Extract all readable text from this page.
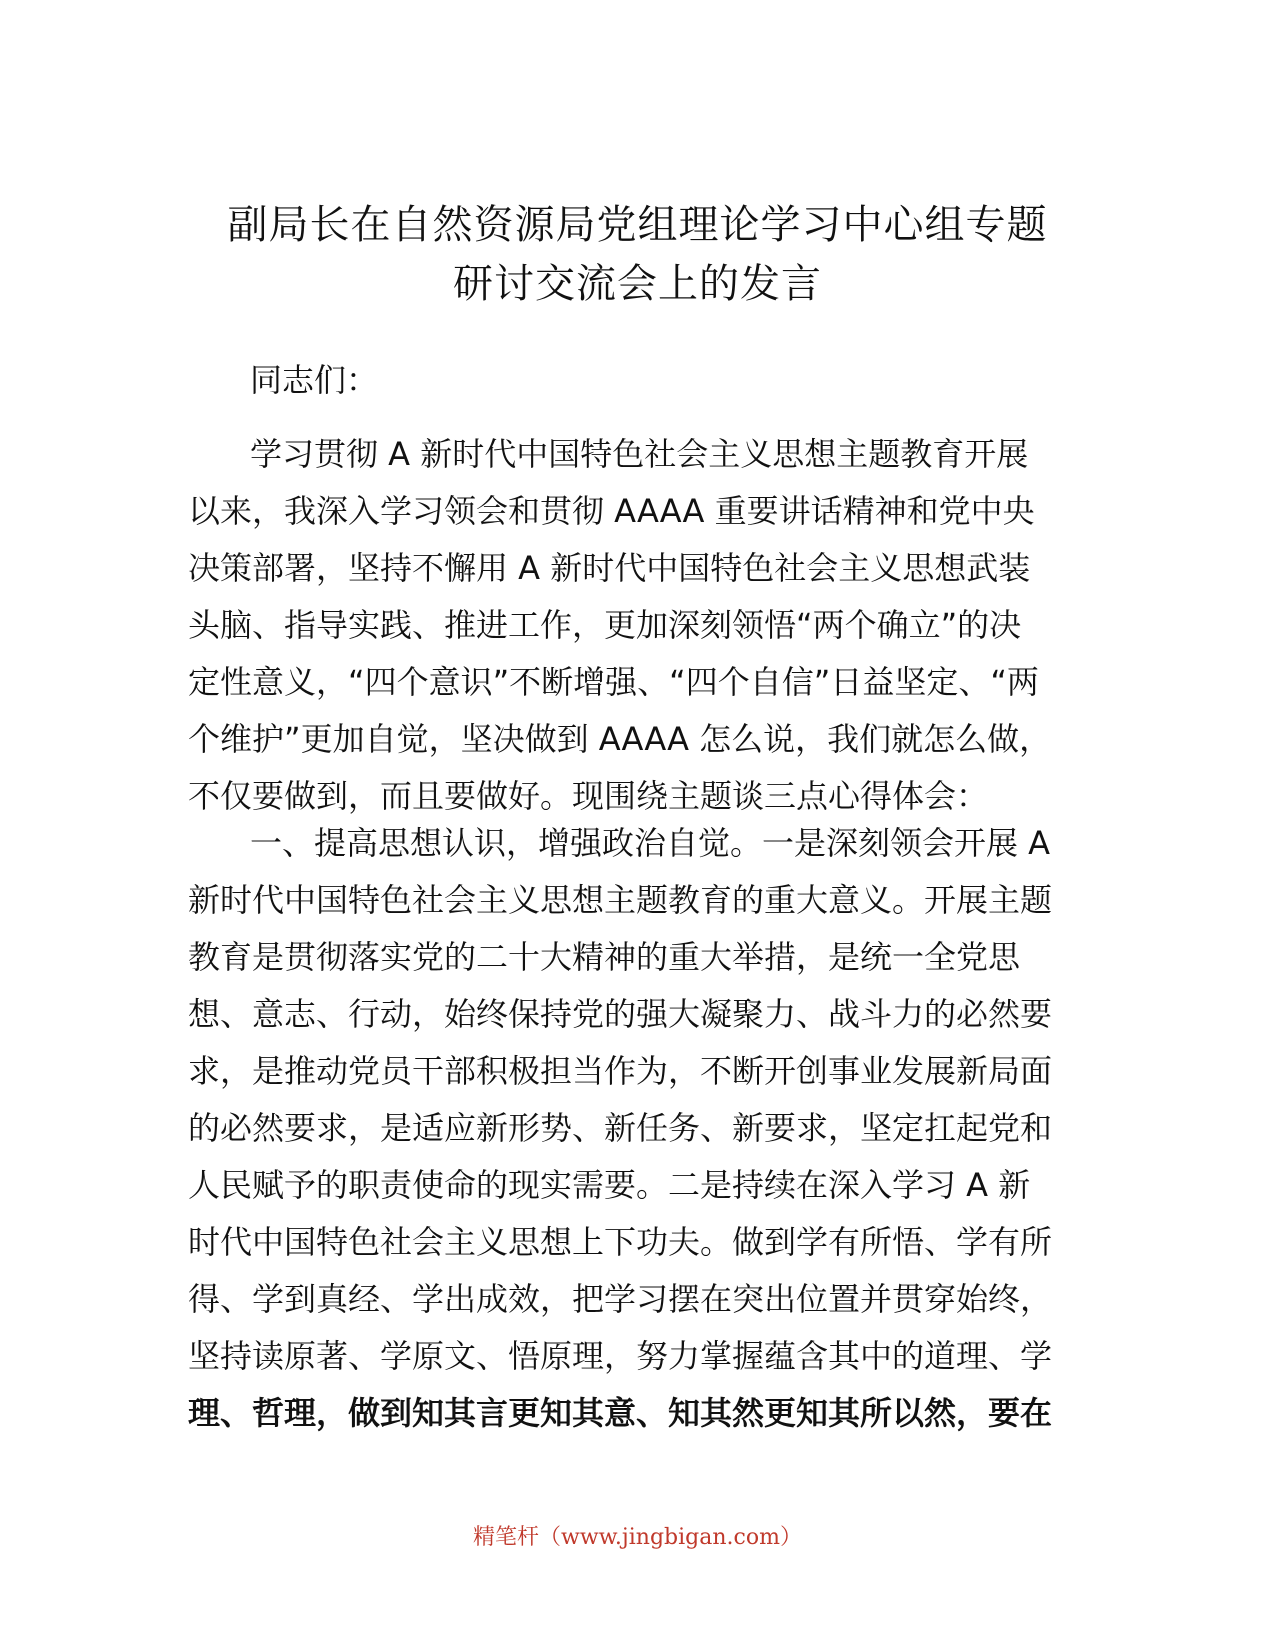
副局长在自然资源局党组理论学习中心组专题
研讨交流会上的发言
同志们：
学习贯彻 A 新时代中国特色社会主义思想主题教育开展
以来，我深入学习领会和贯彻 AAAA 重要讲话精神和党中央
决策部署，坚持不懈用 A 新时代中国特色社会主义思想武装
头脑、指导实践、推进工作，更加深刻领悟“两个确立”的决
定性意义，“四个意识”不断增强、“四个自信”日益坚定、“两
个维护”更加自觉，坚决做到 AAAA 怎么说，我们就怎么做，
不仅要做到，而且要做好。现围绕主题谈三点心得体会：
一、提高思想认识，增强政治自觉。一是深刻领会开展 A
新时代中国特色社会主义思想主题教育的重大意义。开展主题
教育是贯彻落实党的二十大精神的重大举措，是统一全党思
想、意志、行动，始终保持党的强大凝聚力、战斗力的必然要
求，是推动党员干部积极担当作为，不断开创事业发展新局面
的必然要求，是适应新形势、新任务、新要求，坚定扛起党和
人民赋予的职责使命的现实需要。二是持续在深入学习 A 新
时代中国特色社会主义思想上下功夫。做到学有所悟、学有所
得、学到真经、学出成效，把学习摆在突出位置并贯穿始终，
坚持读原著、学原文、悟原理，努力掌握蕴含其中的道理、学
理、哲理，做到知其言更知其意、知其然更知其所以然，要在
精笔杆（www.jingbigan.com）
